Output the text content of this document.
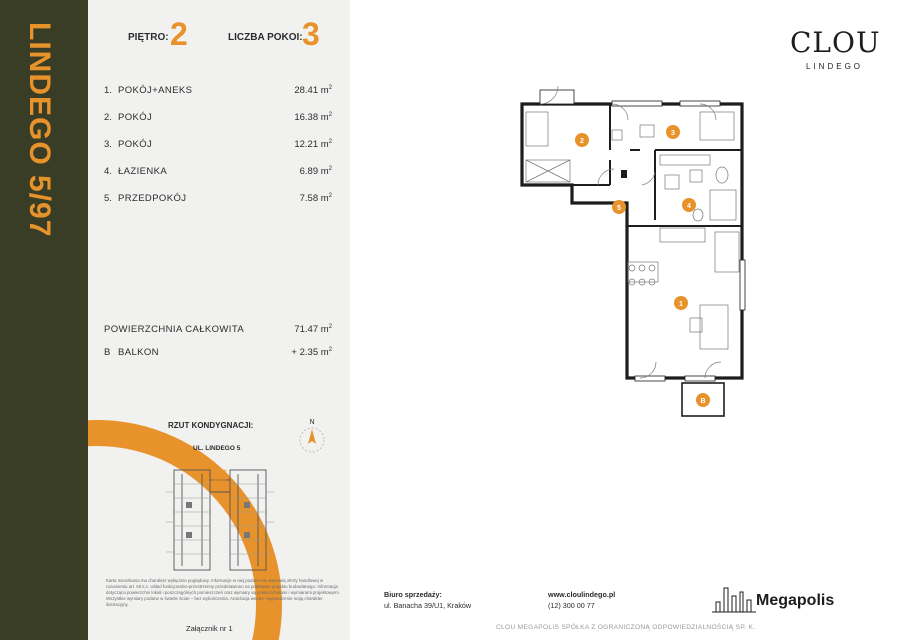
LINDEGO 5/97	PIĘTRO: 2	LICZBA POKOI: 3
1. POKÓJ+ANEKS	28.41 $m^2$
2. POKÓJ	16.38 $m^2$
3. POKÓJ	12.21 $m^2$
4. ŁAZIENKA	6.89 $m^2$
5. PRZEDPOKÓJ	7.58 $m^2$
POWIERZCHNIA CAŁKOWITA	71.47 $m^2$
B BALKON	+ 2.35 $m^2$
RZUT KONDYGNACJI:
UL. LINDEGO 5
N
Karta mieszkania ma charakter wyłącznie poglądowy. Informacje w niej podane nie stanowią oferty handlowej w rozumieniu art. 66 k.c. Układ funkcjonalno-przestrzenny przedstawiono na podstawie projektu budowlanego. Informacja dotycząca powierzchni lokali i poszczególnych pomieszczeń oraz wymiary są powierzchniami i wymiarami projektowymi. Wszystkie wymiary podane w świetle ścian – bez wykończenia. Aranżacja wnętrz i wyposażenie mają charakter ilustracyjny.
Załącznik nr 1
CLOU
LINDEGO
1
2
3
4
5
B
Biuro sprzedaży:
ul. Banacha 39/U1, Kraków
www.cloulindego.pl
(12) 300 00 77	Megapolis
CLOU MEGAPOLIS SPÓŁKA Z OGRANICZONĄ ODPOWIEDZIALNOŚCIĄ SP. K.
